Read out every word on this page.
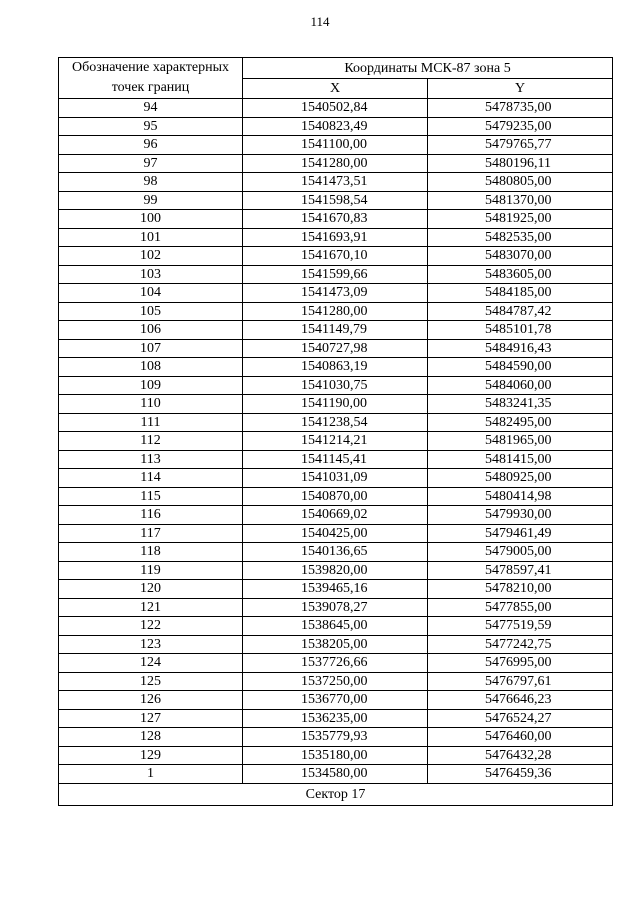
114
Обозначение характерных точек границ	Координаты МСК-87 зона 5	
	X	Y
94	1540502,84	5478735,00
95	1540823,49	5479235,00
96	1541100,00	5479765,77
97	1541280,00	5480196,11
98	1541473,51	5480805,00
99	1541598,54	5481370,00
100	1541670,83	5481925,00
101	1541693,91	5482535,00
102	1541670,10	5483070,00
103	1541599,66	5483605,00
104	1541473,09	5484185,00
105	1541280,00	5484787,42
106	1541149,79	5485101,78
107	1540727,98	5484916,43
108	1540863,19	5484590,00
109	1541030,75	5484060,00
110	1541190,00	5483241,35
111	1541238,54	5482495,00
112	1541214,21	5481965,00
113	1541145,41	5481415,00
114	1541031,09	5480925,00
115	1540870,00	5480414,98
116	1540669,02	5479930,00
117	1540425,00	5479461,49
118	1540136,65	5479005,00
119	1539820,00	5478597,41
120	1539465,16	5478210,00
121	1539078,27	5477855,00
122	1538645,00	5477519,59
123	1538205,00	5477242,75
124	1537726,66	5476995,00
125	1537250,00	5476797,61
126	1536770,00	5476646,23
127	1536235,00	5476524,27
128	1535779,93	5476460,00
129	1535180,00	5476432,28
1	1534580,00	5476459,36
Сектор 17		
